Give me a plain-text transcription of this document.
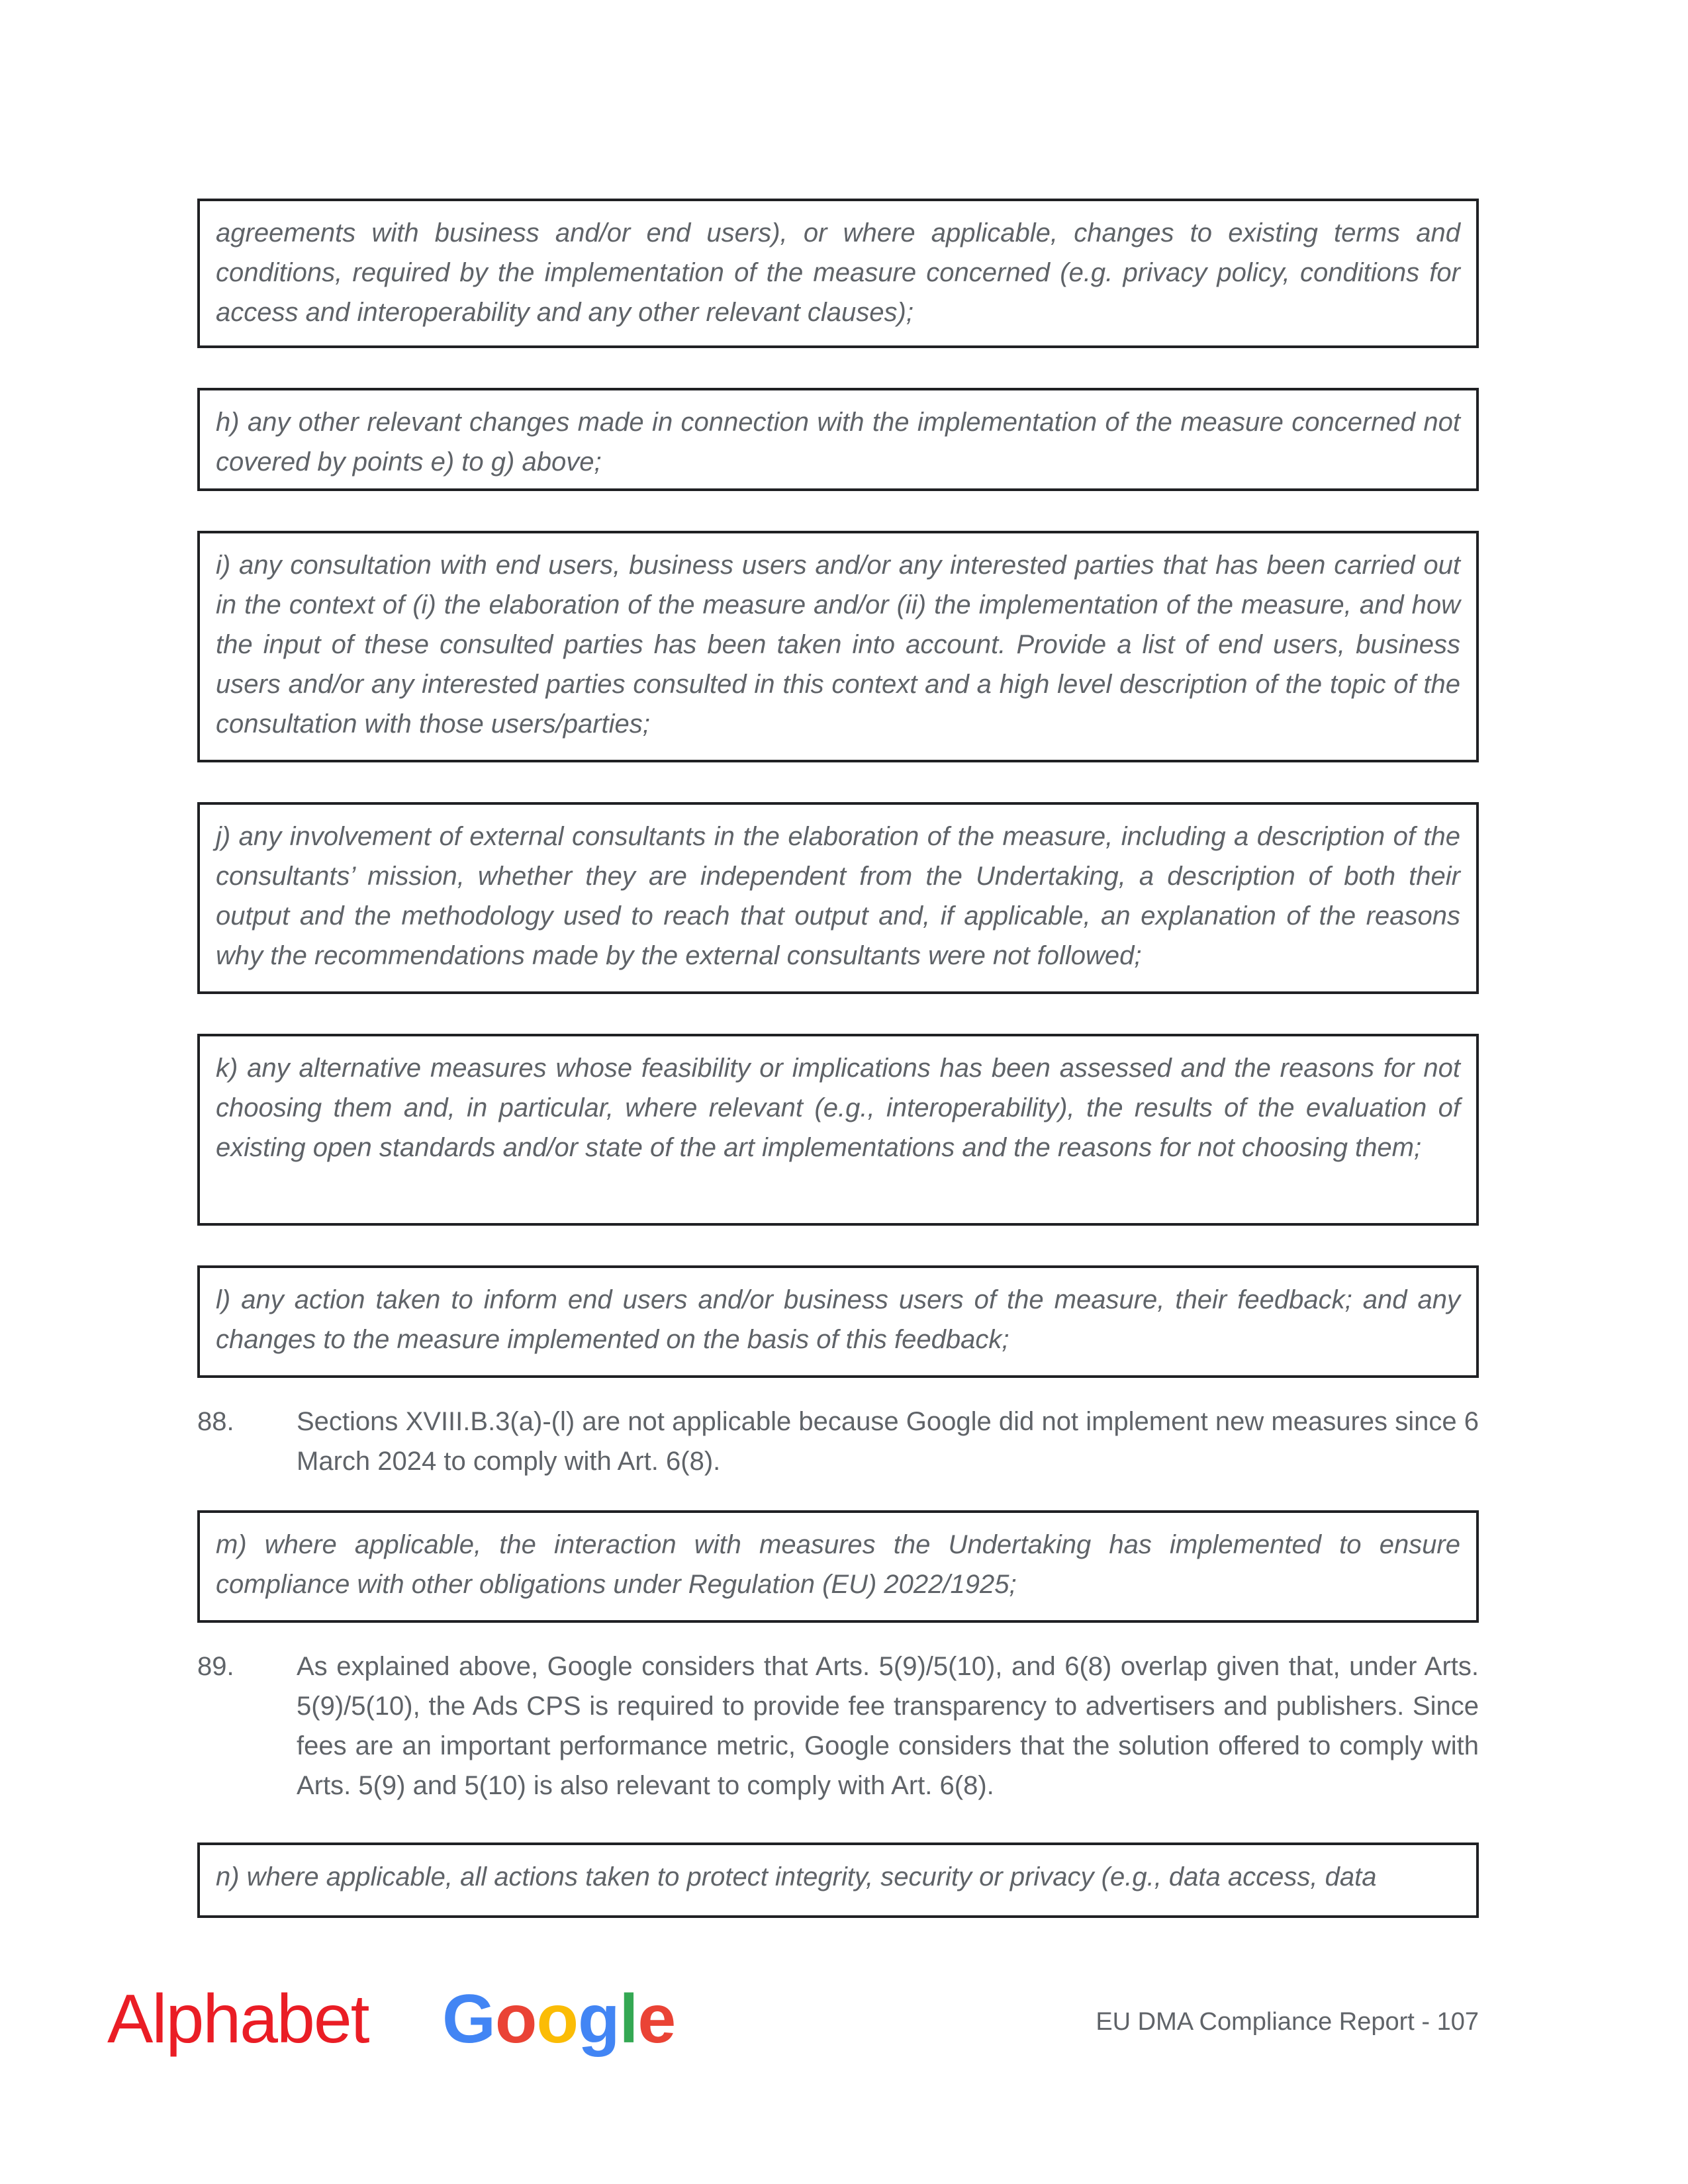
agreements with business and/or end users), or where applicable, changes to existing terms and conditions, required by the implementation of the measure concerned (e.g. privacy policy, conditions for access and interoperability and any other relevant clauses);
h) any other relevant changes made in connection with the implementation of the measure concerned not covered by points e) to g) above;
i) any consultation with end users, business users and/or any interested parties that has been carried out in the context of (i) the elaboration of the measure and/or (ii) the implementation of the measure, and how the input of these consulted parties has been taken into account. Provide a list of end users, business users and/or any interested parties consulted in this context and a high level description of the topic of the consultation with those users/parties;
j) any involvement of external consultants in the elaboration of the measure, including a description of the consultants’ mission, whether they are independent from the Undertaking, a description of both their output and the methodology used to reach that output and, if applicable, an explanation of the reasons why the recommendations made by the external consultants were not followed;
k) any alternative measures whose feasibility or implications has been assessed and the reasons for not choosing them and, in particular, where relevant (e.g., interoperability), the results of the evaluation of existing open standards and/or state of the art implementations and the reasons for not choosing them;
l) any action taken to inform end users and/or business users of the measure, their feedback; and any changes to the measure implemented on the basis of this feedback;
88. Sections XVIII.B.3(a)-(l) are not applicable because Google did not implement new measures since 6 March 2024 to comply with Art. 6(8).
m) where applicable, the interaction with measures the Undertaking has implemented to ensure compliance with other obligations under Regulation (EU) 2022/1925;
89. As explained above, Google considers that Arts. 5(9)/5(10), and 6(8) overlap given that, under Arts. 5(9)/5(10), the Ads CPS is required to provide fee transparency to advertisers and publishers. Since fees are an important performance metric, Google considers that the solution offered to comply with Arts. 5(9) and 5(10) is also relevant to comply with Art. 6(8).
n) where applicable, all actions taken to protect integrity, security or privacy (e.g., data access, data
Alphabet Google	EU DMA Compliance Report - 107
